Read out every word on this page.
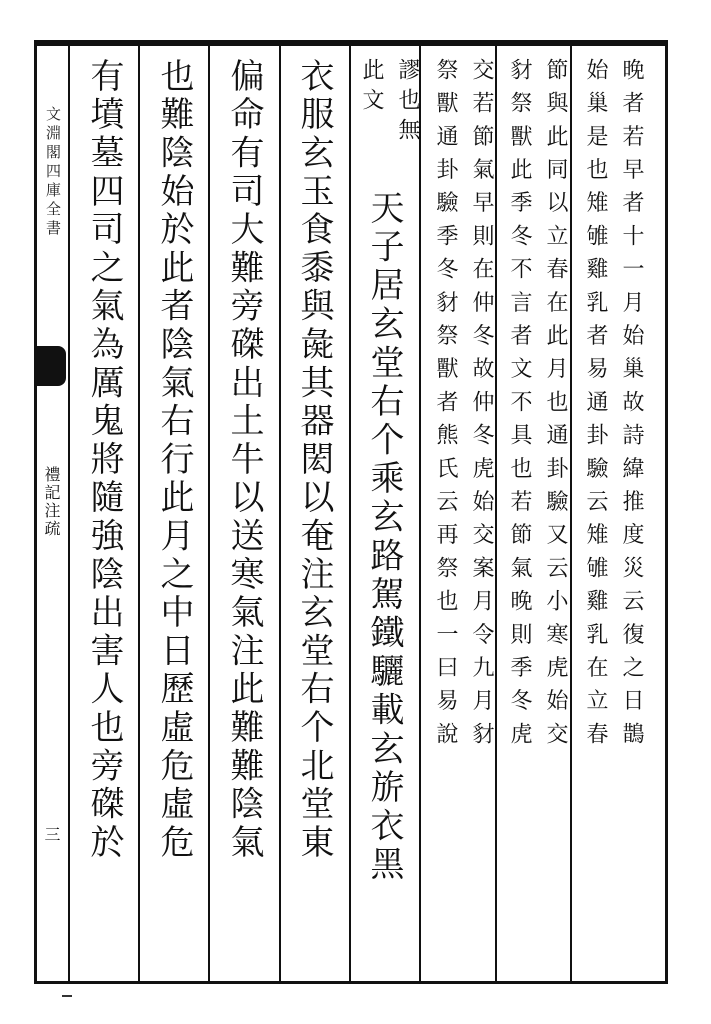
文淵閣四庫全書
禮記注疏
三
晚者若早者十一月始巢故詩緯推度災云復之日鵲
始巢是也雉雊雞乳者易通卦驗云雉雊雞乳在立春
節與此同以立春在此月也通卦驗又云小寒虎始交
豺祭獸此季冬不言者文不具也若節氣晚則季冬虎
交若節氣早則在仲冬故仲冬虎始交案月令九月豺
祭獸通卦驗季冬豺祭獸者熊氏云再祭也一曰易說
謬也無
此文
天子居玄堂右个乘玄路駕鐵驪載玄旂衣黑
衣服玄玉食黍與彘其器閎以奄注玄堂右个北堂東
偏命有司大難旁磔出土牛以送寒氣注此難難陰氣
也難陰始於此者陰氣右行此月之中日歷虛危虛危
有墳墓四司之氣為厲鬼將隨強陰出害人也旁磔於
